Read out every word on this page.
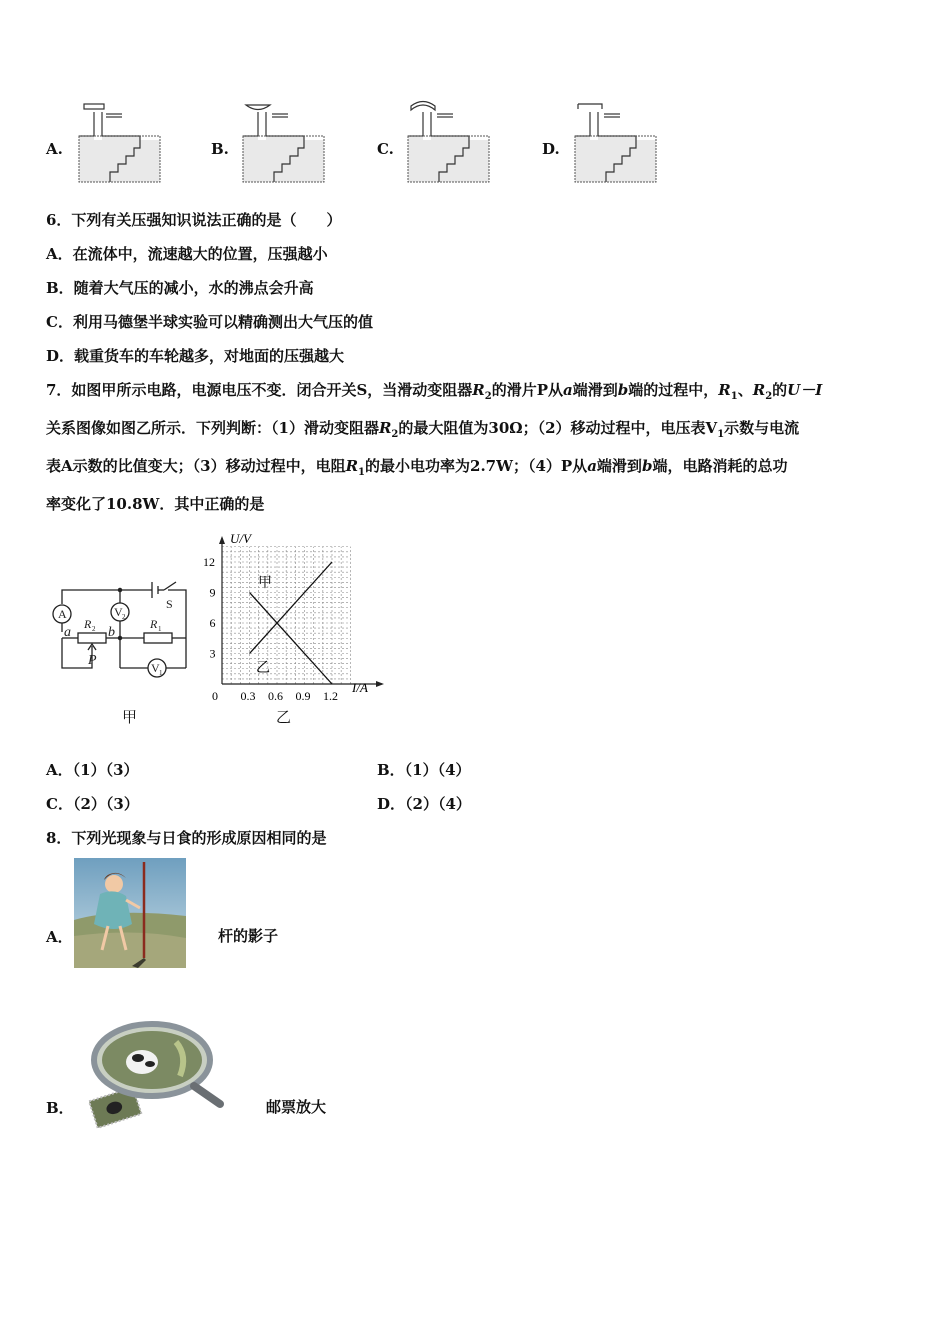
A.	B.	C.	D.
6．下列有关压强知识说法正确的是（　　）
A．在流体中，流速越大的位置，压强越小
B．随着大气压的减小，水的沸点会升高
C．利用马德堡半球实验可以精确测出大气压的值
D．载重货车的车轮越多，对地面的压强越大
7．如图甲所示电路，电源电压不变．闭合开关S，当滑动变阻器$R_2$的滑片P从a端滑到b端的过程中，$R_1$、$R_2$的U－I
关系图像如图乙所示．下列判断：（1）滑动变阻器$R_2$的最大阻值为30Ω；（2）移动过程中，电压表$V_1$示数与电流
表A示数的比值变大；（3）移动过程中，电阻$R_1$的最小电功率为2.7W；（4）P从a端滑到b端，电路消耗的总功
率变化了10.8W．其中正确的是
A	V 2
V 1
S
a	b
R 2	R 1
P
0 0.3 0.6 0.9 1.2
3
6
9
12
U/V
I/A
甲
乙
甲	乙
A．（1）（3）	B．（1）（4）
C．（2）（3）	D．（2）（4）
8．下列光现象与日食的形成原因相同的是
A．	杆的影子
B．	邮票放大
